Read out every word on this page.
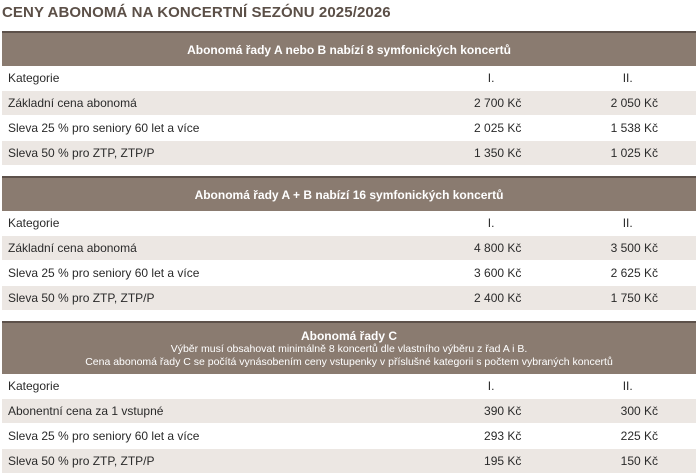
CENY ABONOMÁ NA KONCERTNÍ SEZÓNU 2025/2026
Abonomá řady A nebo B nabízí 8 symfonických koncertů		
Kategorie	I.	II.
Základní cena abonomá	2 700 Kč	2 050 Kč
Sleva 25 % pro seniory 60 let a více	2 025 Kč	1 538 Kč
Sleva 50 % pro ZTP, ZTP/P	1 350 Kč	1 025 Kč
Abonomá řady A + B nabízí 16 symfonických koncertů		
Kategorie	I.	II.
Základní cena abonomá	4 800 Kč	3 500 Kč
Sleva 25 % pro seniory 60 let a více	3 600 Kč	2 625 Kč
Sleva 50 % pro ZTP, ZTP/P	2 400 Kč	1 750 Kč
Abonomá řady C
Výběr musí obsahovat minimálně 8 koncertů dle vlastního výběru z řad A i B.
Cena abonomá řady C se počítá vynásobením ceny vstupenky v příslušné kategorii s počtem vybraných koncertů		

Kategorie	I.	II.
Abonentní cena za 1 vstupné	390 Kč	300 Kč
Sleva 25 % pro seniory 60 let a více	293 Kč	225 Kč
Sleva 50 % pro ZTP, ZTP/P	195 Kč	150 Kč
